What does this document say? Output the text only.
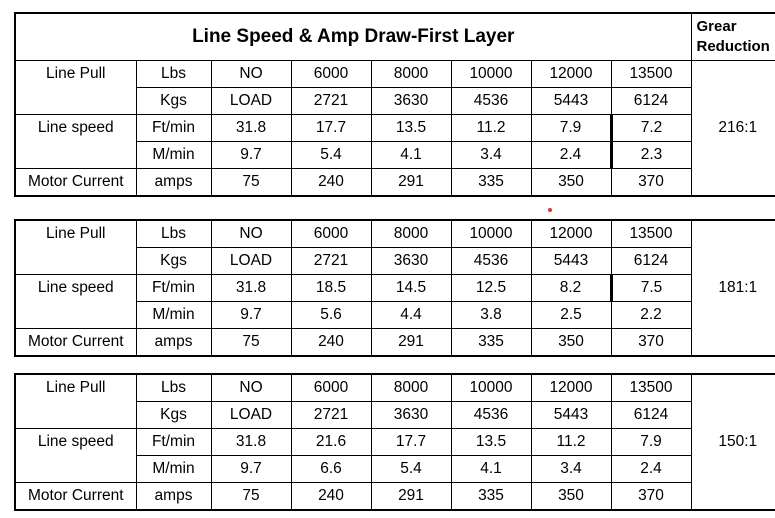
Line Speed & Amp Draw-First Layer								Grear
Reduction
Line Pull	Lbs	NO	6000	8000	10000	12000	13500	216:1
	Kgs	LOAD	2721	3630	4536	5443	6124	
Line speed	Ft/min	31.8	17.7	13.5	11.2	7.9	7.2	
	M/min	9.7	5.4	4.1	3.4	2.4	2.3	
Motor Current	amps	75	240	291	335	350	370	
Line Pull	Lbs	NO	6000	8000	10000	12000	13500	181:1
	Kgs	LOAD	2721	3630	4536	5443	6124	
Line speed	Ft/min	31.8	18.5	14.5	12.5	8.2	7.5	
	M/min	9.7	5.6	4.4	3.8	2.5	2.2	
Motor Current	amps	75	240	291	335	350	370	
Line Pull	Lbs	NO	6000	8000	10000	12000	13500	150:1
	Kgs	LOAD	2721	3630	4536	5443	6124	
Line speed	Ft/min	31.8	21.6	17.7	13.5	11.2	7.9	
	M/min	9.7	6.6	5.4	4.1	3.4	2.4	
Motor Current	amps	75	240	291	335	350	370	
